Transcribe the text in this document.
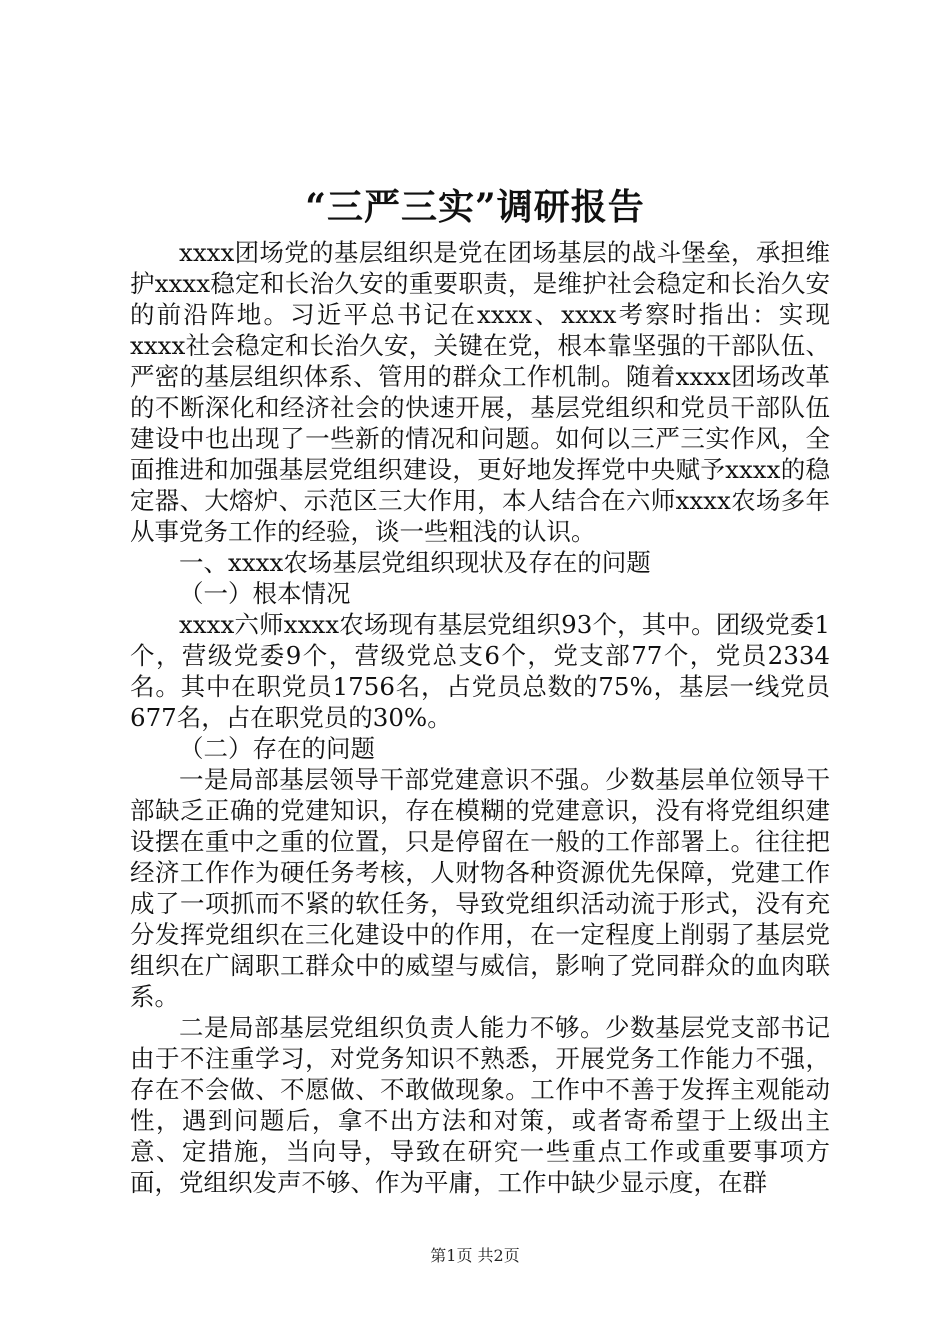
“三严三实”调研报告

xxxx团场党的基层组织是党在团场基层的战斗堡垒，承担维护xxxx稳定和长治久安的重要职责，是维护社会稳定和长治久安的前沿阵地。习近平总书记在xxxx、xxxx考察时指出：实现xxxx社会稳定和长治久安，关键在党，根本靠坚强的干部队伍、严密的基层组织体系、管用的群众工作机制。随着xxxx团场改革的不断深化和经济社会的快速开展，基层党组织和党员干部队伍建设中也出现了一些新的情况和问题。如何以三严三实作风，全面推进和加强基层党组织建设，更好地发挥党中央赋予xxxx的稳定器、大熔炉、示范区三大作用，本人结合在六师xxxx农场多年从事党务工作的经验，谈一些粗浅的认识。

一、xxxx农场基层党组织现状及存在的问题

（一）根本情况

xxxx六师xxxx农场现有基层党组织93个，其中。团级党委1个，营级党委9个，营级党总支6个，党支部77个，党员2334名。其中在职党员1756名，占党员总数的75%，基层一线党员677名，占在职党员的30%。

（二）存在的问题

一是局部基层领导干部党建意识不强。少数基层单位领导干部缺乏正确的党建知识，存在模糊的党建意识，没有将党组织建设摆在重中之重的位置，只是停留在一般的工作部署上。往往把经济工作作为硬任务考核，人财物各种资源优先保障，党建工作成了一项抓而不紧的软任务，导致党组织活动流于形式，没有充分发挥党组织在三化建设中的作用，在一定程度上削弱了基层党组织在广阔职工群众中的威望与威信，影响了党同群众的血肉联系。

二是局部基层党组织负责人能力不够。少数基层党支部书记由于不注重学习，对党务知识不熟悉，开展党务工作能力不强，存在不会做、不愿做、不敢做现象。工作中不善于发挥主观能动性，遇到问题后，拿不出方法和对策，或者寄希望于上级出主意、定措施，当向导，导致在研究一些重点工作或重要事项方面，党组织发声不够、作为平庸，工作中缺少显示度，在群

第1页 共2页
